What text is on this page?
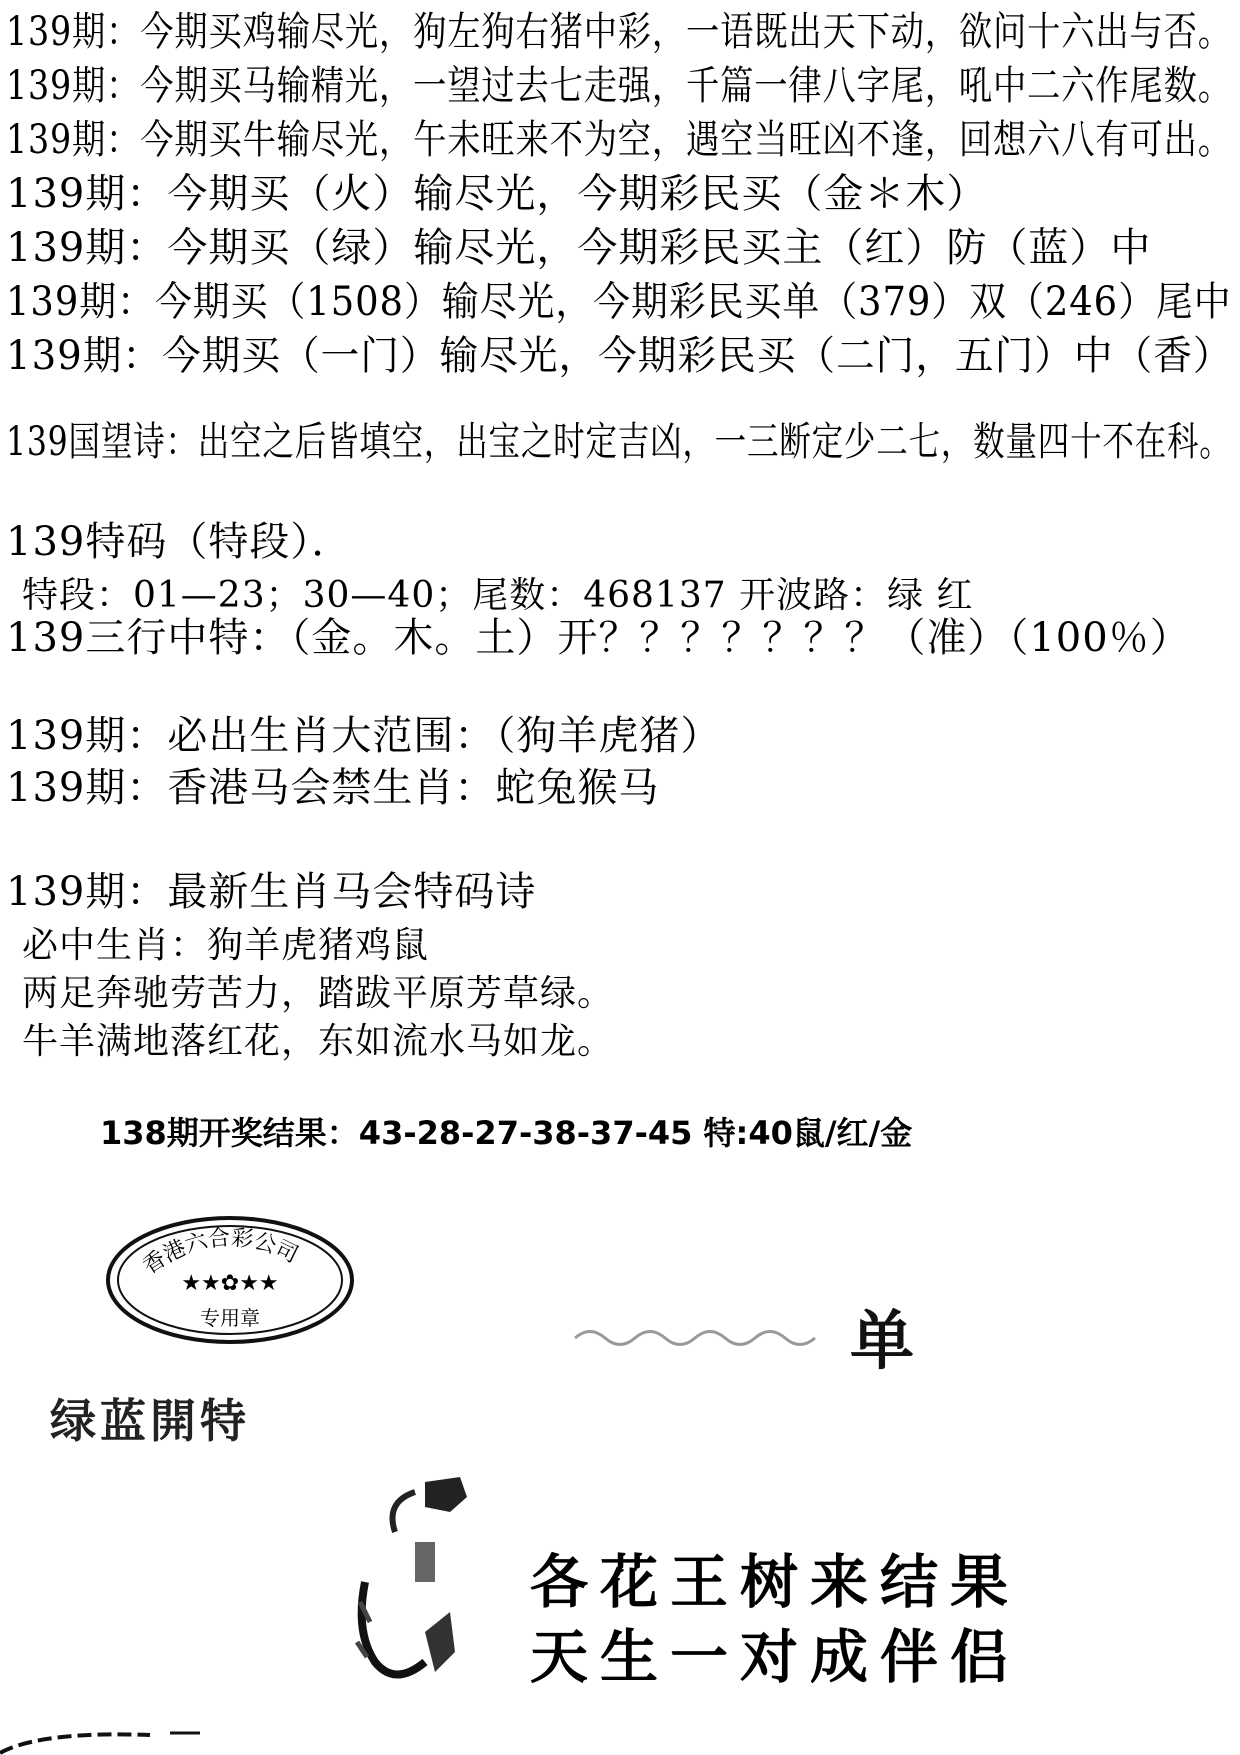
139期：今期买鸡输尽光，狗左狗右猪中彩，一语既出天下动，欲问十六出与否。
139期：今期买马输精光，一望过去七走强，千篇一律八字尾，吼中二六作尾数。
139期：今期买牛输尽光，午未旺来不为空，遇空当旺凶不逢，回想六八有可出。
139期：今期买（火）输尽光，今期彩民买（金＊木）
139期：今期买（绿）输尽光，今期彩民买主（红）防（蓝）中
139期：今期买（1508）输尽光，今期彩民买单（379）双（246）尾中
139期：今期买（一门）输尽光，今期彩民买（二门，五门）中（香）
139国望诗：出空之后皆填空，出宝之时定吉凶，一三断定少二七，数量四十不在科。
139特码（特段）．
特段：01—23；30—40；尾数：468137 开波路：绿 红
139三行中特：（金。木。土）开？？？？？？？（准）（100％）
139期：必出生肖大范围：（狗羊虎猪）
139期：香港马会禁生肖：蛇兔猴马
139期：最新生肖马会特码诗
必中生肖：狗羊虎猪鸡鼠
两足奔驰劳苦力，踏跋平原芳草绿。
牛羊满地落红花，东如流水马如龙。
138期开奖结果：43-28-27-38-37-45 特:40鼠/红/金
香港六合彩公司
★★✿★★
专用章
绿蓝開特
单
各花王树来结果
天生一对成伴侣
